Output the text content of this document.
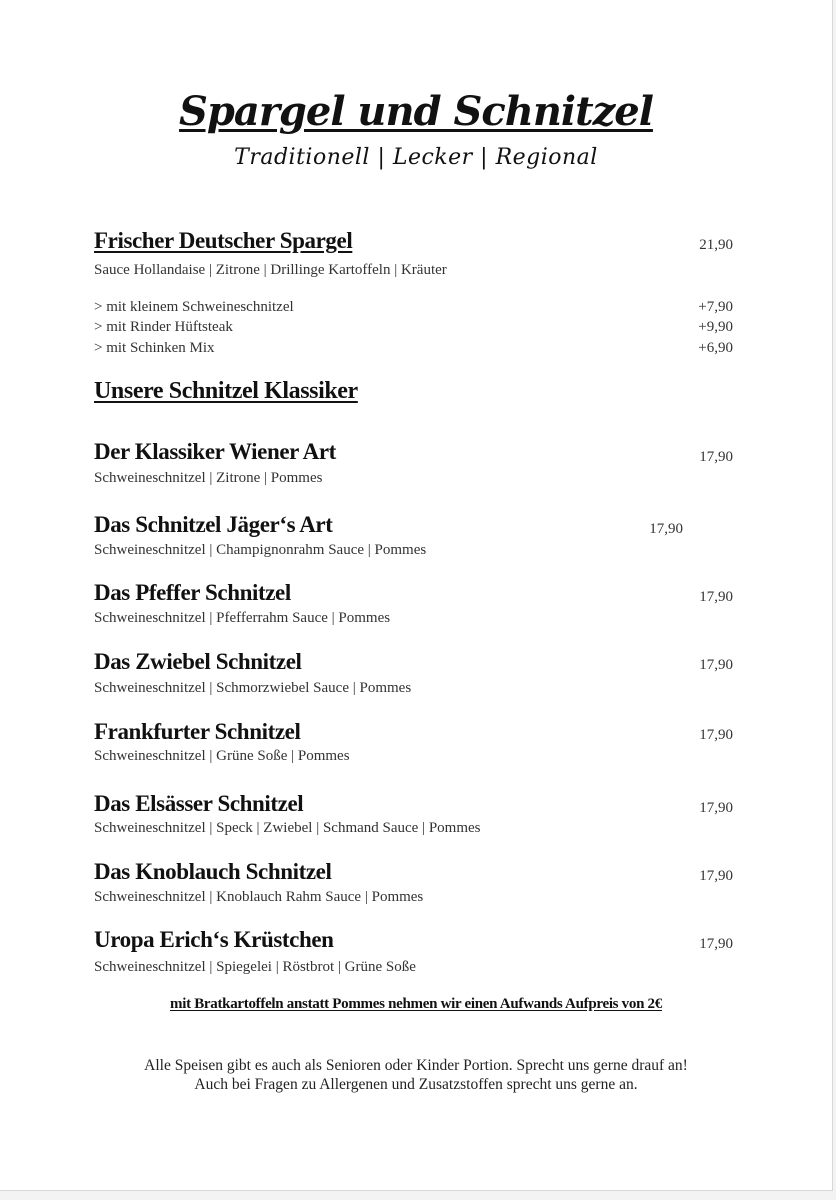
Spargel und Schnitzel
Traditionell | Lecker | Regional
Frischer Deutscher Spargel	21,90
Sauce Hollandaise | Zitrone | Drillinge Kartoffeln | Kräuter
> mit kleinem Schweineschnitzel	+7,90
> mit Rinder Hüftsteak	+9,90
> mit Schinken Mix	+6,90
Unsere Schnitzel Klassiker
Der Klassiker Wiener Art	17,90
Schweineschnitzel | Zitrone | Pommes
Das Schnitzel Jäger‘s Art	17,90
Schweineschnitzel | Champignonrahm Sauce | Pommes
Das Pfeffer Schnitzel	17,90
Schweineschnitzel | Pfefferrahm Sauce | Pommes
Das Zwiebel Schnitzel	17,90
Schweineschnitzel | Schmorzwiebel Sauce | Pommes
Frankfurter Schnitzel	17,90
Schweineschnitzel | Grüne Soße | Pommes
Das Elsässer Schnitzel	17,90
Schweineschnitzel | Speck | Zwiebel | Schmand Sauce | Pommes
Das Knoblauch Schnitzel	17,90
Schweineschnitzel | Knoblauch Rahm Sauce | Pommes
Uropa Erich‘s Krüstchen	17,90
Schweineschnitzel | Spiegelei | Röstbrot | Grüne Soße
mit Bratkartoffeln anstatt Pommes nehmen wir einen Aufwands Aufpreis von 2€
Alle Speisen gibt es auch als Senioren oder Kinder Portion. Sprecht uns gerne drauf an!
Auch bei Fragen zu Allergenen und Zusatzstoffen sprecht uns gerne an.
